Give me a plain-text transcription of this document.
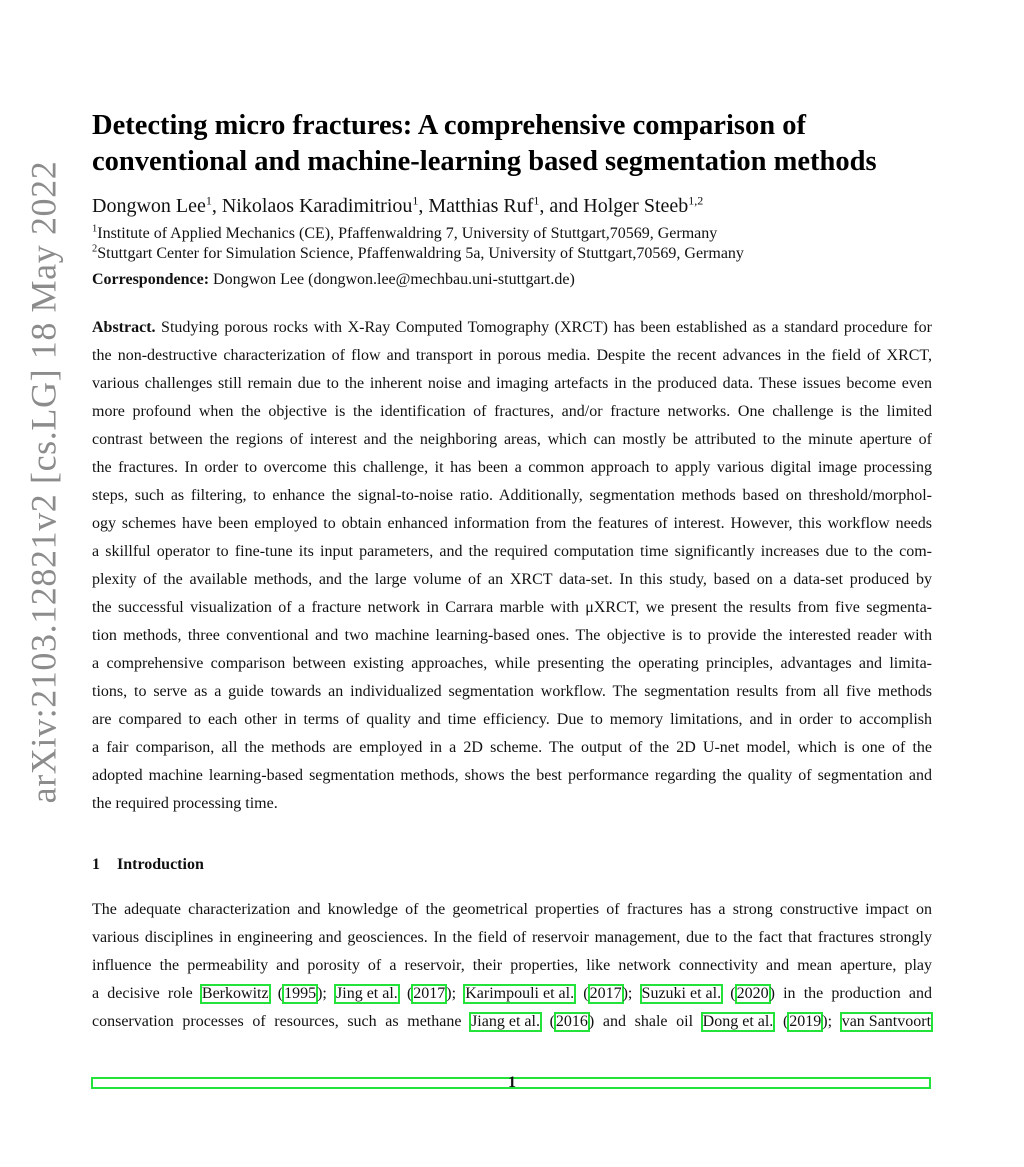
arXiv:2103.12821v2 [cs.LG] 18 May 2022
Detecting micro fractures: A comprehensive comparison of
conventional and machine-learning based segmentation methods

Dongwon Lee$^1$, Nikolaos Karadimitriou$^1$, Matthias Ruf$^1$, and Holger Steeb$^{1,2}$

$^1$Institute of Applied Mechanics (CE), Pfaffenwaldring 7, University of Stuttgart,70569, Germany

$^2$Stuttgart Center for Simulation Science, Pfaffenwaldring 5a, University of Stuttgart,70569, Germany

Correspondence: Dongwon Lee (dongwon.lee@mechbau.uni-stuttgart.de)

Abstract. Studying porous rocks with X-Ray Computed Tomography (XRCT) has been established as a standard procedure for
the non-destructive characterization of flow and transport in porous media. Despite the recent advances in the field of XRCT,
various challenges still remain due to the inherent noise and imaging artefacts in the produced data. These issues become even
more profound when the objective is the identification of fractures, and/or fracture networks. One challenge is the limited
contrast between the regions of interest and the neighboring areas, which can mostly be attributed to the minute aperture of
the fractures. In order to overcome this challenge, it has been a common approach to apply various digital image processing
steps, such as filtering, to enhance the signal-to-noise ratio. Additionally, segmentation methods based on threshold/morphol-
ogy schemes have been employed to obtain enhanced information from the features of interest. However, this workflow needs
a skillful operator to fine-tune its input parameters, and the required computation time significantly increases due to the com-
plexity of the available methods, and the large volume of an XRCT data-set. In this study, based on a data-set produced by
the successful visualization of a fracture network in Carrara marble with μXRCT, we present the results from five segmenta-
tion methods, three conventional and two machine learning-based ones. The objective is to provide the interested reader with
a comprehensive comparison between existing approaches, while presenting the operating principles, advantages and limita-
tions, to serve as a guide towards an individualized segmentation workflow. The segmentation results from all five methods
are compared to each other in terms of quality and time efficiency. Due to memory limitations, and in order to accomplish
a fair comparison, all the methods are employed in a 2D scheme. The output of the 2D U-net model, which is one of the
adopted machine learning-based segmentation methods, shows the best performance regarding the quality of segmentation and
the required processing time.
1 Introduction
The adequate characterization and knowledge of the geometrical properties of fractures has a strong constructive impact on
various disciplines in engineering and geosciences. In the field of reservoir management, due to the fact that fractures strongly
influence the permeability and porosity of a reservoir, their properties, like network connectivity and mean aperture, play
a decisive role Berkowitz (1995); Jing et al. (2017); Karimpouli et al. (2017); Suzuki et al. (2020) in the production and
conservation processes of resources, such as methane Jiang et al. (2016) and shale oil Dong et al. (2019); van Santvoort
1
